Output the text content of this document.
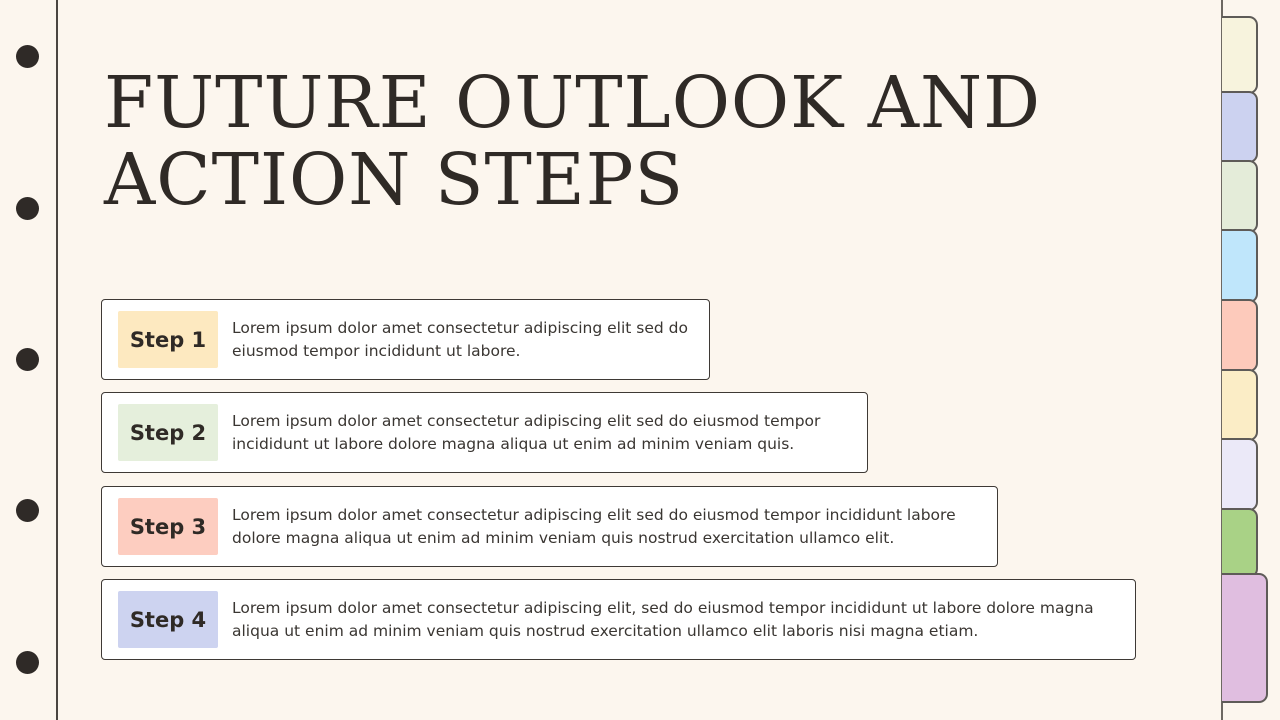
FUTURE OUTLOOK AND ACTION STEPS
Step 1	Lorem ipsum dolor amet consectetur adipiscing elit sed do eiusmod tempor incididunt ut labore.

Step 2	Lorem ipsum dolor amet consectetur adipiscing elit sed do eiusmod tempor incididunt ut labore dolore magna aliqua ut enim ad minim veniam quis.

Step 3	Lorem ipsum dolor amet consectetur adipiscing elit sed do eiusmod tempor incididunt labore dolore magna aliqua ut enim ad minim veniam quis nostrud exercitation ullamco elit.

Step 4	Lorem ipsum dolor amet consectetur adipiscing elit, sed do eiusmod tempor incididunt ut labore dolore magna aliqua ut enim ad minim veniam quis nostrud exercitation ullamco elit laboris nisi magna etiam.
